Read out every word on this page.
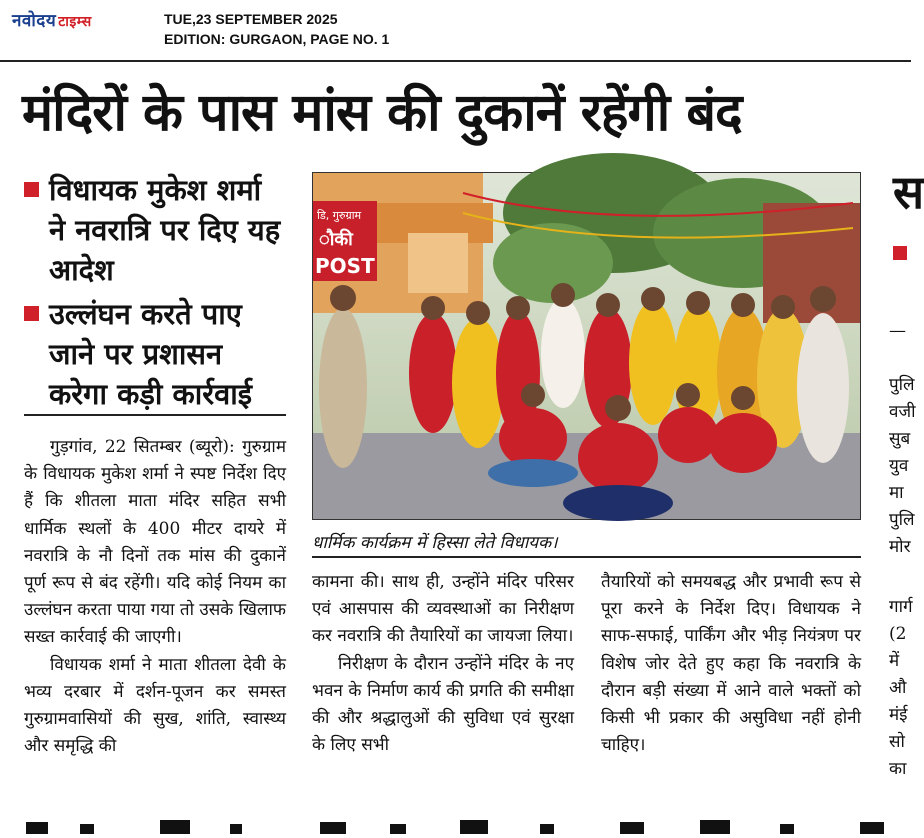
नवोदय टाइम्स	TUE,23 SEPTEMBER 2025
EDITION: GURGAON, PAGE NO. 1
मंदिरों के पास मांस की दुकानें रहेंगी बंद
विधायक मुकेश शर्मा ने नवरात्रि पर दिए यह आदेश
उल्लंघन करते पाए जाने पर प्रशासन करेगा कड़ी कार्रवाई

गुड़गांव, 22 सितम्बर (ब्यूरो): गुरुग्राम के विधायक मुकेश शर्मा ने स्पष्ट निर्देश दिए हैं कि शीतला माता मंदिर सहित सभी धार्मिक स्थलों के 400 मीटर दायरे में नवरात्रि के नौ दिनों तक मांस की दुकानें पूर्ण रूप से बंद रहेंगी। यदि कोई नियम का उल्लंघन करता पाया गया तो उसके खिलाफ सख्त कार्रवाई की जाएगी।

विधायक शर्मा ने माता शीतला देवी के भव्य दरबार में दर्शन-पूजन कर समस्त गुरुग्रामवासियों की सुख, शांति, स्वास्थ्य और समृद्धि की

डि, गुरुग्राम
ौकी
POST
धार्मिक कार्यक्रम में हिस्सा लेते विधायक।

कामना की। साथ ही, उन्होंने मंदिर परिसर एवं आसपास की व्यवस्थाओं का निरीक्षण कर नवरात्रि की तैयारियों का जायजा लिया।

निरीक्षण के दौरान उन्होंने मंदिर के नए भवन के निर्माण कार्य की प्रगति की समीक्षा की और श्रद्धालुओं की सुविधा एवं सुरक्षा के लिए सभी

तैयारियों को समयबद्ध और प्रभावी रूप से पूरा करने के निर्देश दिए। विधायक ने साफ-सफाई, पार्किंग और भीड़ नियंत्रण पर विशेष जोर देते हुए कहा कि नवरात्रि के दौरान बड़ी संख्या में आने वाले भक्तों को किसी भी प्रकार की असुविधा नहीं होनी चाहिए।

स
—
पुलि
वजी
सुब
युव
मा
पुलि
मोर
गार्ग
(2
में
औ
मंई
सो
का
